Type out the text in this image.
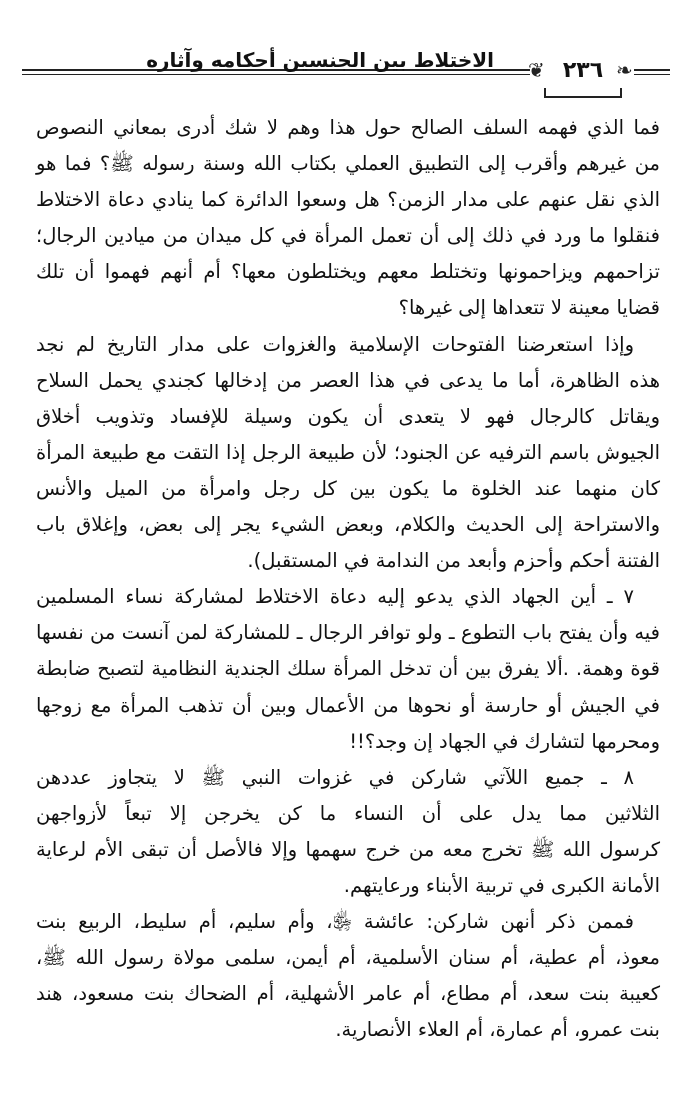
❦	❧
الاختلاط بين الجنسين أحكامه وآثاره	٢٣٦
فما الذي فهمه السلف الصالح حول هذا وهم لا شك أدرى بمعاني النصوص
من غيرهم وأقرب إلى التطبيق العملي بكتاب الله وسنة رسوله ﷺ؟ فما هو
الذي نقل عنهم على مدار الزمن؟ هل وسعوا الدائرة كما ينادي دعاة الاختلاط
فنقلوا ما ورد في ذلك إلى أن تعمل المرأة في كل ميدان من ميادين الرجال؛
تزاحمهم ويزاحمونها وتختلط معهم ويختلطون معها؟ أم أنهم فهموا أن تلك
قضايا معينة لا تتعداها إلى غيرها؟
وإذا استعرضنا الفتوحات الإسلامية والغزوات على مدار التاريخ لم نجد
هذه الظاهرة، أما ما يدعى في هذا العصر من إدخالها كجندي يحمل السلاح
ويقاتل كالرجال فهو لا يتعدى أن يكون وسيلة للإفساد وتذويب أخلاق
الجيوش باسم الترفيه عن الجنود؛ لأن طبيعة الرجل إذا التقت مع طبيعة المرأة
كان منهما عند الخلوة ما يكون بين كل رجل وامرأة من الميل والأنس
والاستراحة إلى الحديث والكلام، وبعض الشيء يجر إلى بعض، وإغلاق باب
الفتنة أحكم وأحزم وأبعد من الندامة في المستقبل).
٧ ـ أين الجهاد الذي يدعو إليه دعاة الاختلاط لمشاركة نساء المسلمين
فيه وأن يفتح باب التطوع ـ ولو توافر الرجال ـ للمشاركة لمن آنست من نفسها
قوة وهمة. .ألا يفرق بين أن تدخل المرأة سلك الجندية النظامية لتصبح ضابطة
في الجيش أو حارسة أو نحوها من الأعمال وبين أن تذهب المرأة مع زوجها
ومحرمها لتشارك في الجهاد إن وجد؟!!
٨ ـ جميع اللآتي شاركن في غزوات النبي ﷺ لا يتجاوز عددهن
الثلاثين مما يدل على أن النساء ما كن يخرجن إلا تبعاً لأزواجهن
كرسول الله ﷺ تخرج معه من خرج سهمها وإلا فالأصل أن تبقى الأم لرعاية
الأمانة الكبرى في تربية الأبناء ورعايتهم.
فممن ذكر أنهن شاركن: عائشة ﵂، وأم سليم، أم سليط، الربيع بنت
معوذ، أم عطية، أم سنان الأسلمية، أم أيمن، سلمى مولاة رسول الله ﷺ،
كعيبة بنت سعد، أم مطاع، أم عامر الأشهلية، أم الضحاك بنت مسعود، هند
بنت عمرو، أم عمارة، أم العلاء الأنصارية.
